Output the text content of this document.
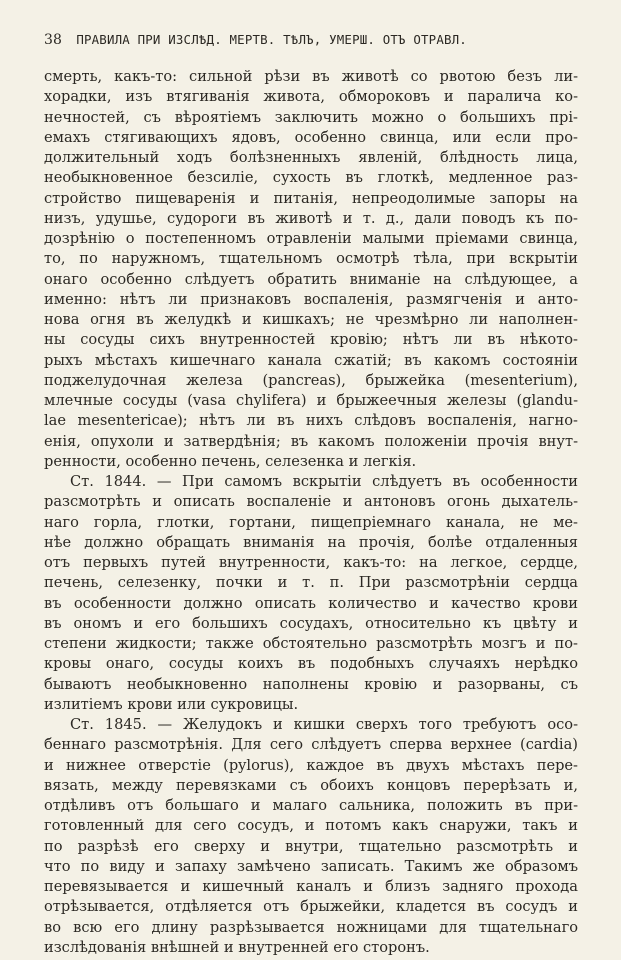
38 ПРАВИЛА ПРИ ИЗСЛѢД. МЕРТВ. ТѢЛЪ, УМЕРШ. ОТЪ ОТРАВЛ.
смерть, какъ-то: сильной рѣзи въ животѣ со рвотою безъ ли-
хорадки, изъ втягиванія живота, обмороковъ и паралича ко-
нечностей, съ вѣроятіемъ заключить можно о большихъ прі-
емахъ стягивающихъ ядовъ, особенно свинца, или если про-
должительный ходъ болѣзненныхъ явленій, блѣдность лица,
необыкновенное безсиліе, сухость въ глоткѣ, медленное раз-
стройство пищеваренія и питанія, непреодолимые запоры на
низъ, удушье, судороги въ животѣ и т. д., дали поводъ къ по-
дозрѣнію о постепенномъ отравленіи малыми пріемами свинца,
то, по наружномъ, тщательномъ осмотрѣ тѣла, при вскрытіи
онаго особенно слѣдуетъ обратить вниманіе на слѣдующее, а
именно: нѣтъ ли признаковъ воспаленія, размягченія и анто-
нова огня въ желудкѣ и кишкахъ; не чрезмѣрно ли наполнен-
ны сосуды сихъ внутренностей кровію; нѣтъ ли въ нѣкото-
рыхъ мѣстахъ кишечнаго канала сжатій; въ какомъ состояніи
поджелудочная железа (pancreas), брыжейка (mesenterium),
млечные сосуды (vasa chylifera) и брыжеечныя железы (glandu-
lae mesentericae); нѣтъ ли въ нихъ слѣдовъ воспаленія, нагно-
енія, опухоли и затвердѣнія; въ какомъ положеніи прочія внут-
ренности, особенно печень, селезенка и легкія.
Ст. 1844. — При самомъ вскрытіи слѣдуетъ въ особенности
разсмотрѣть и описать воспаленіе и антоновъ огонь дыхатель-
наго горла, глотки, гортани, пищепріемнаго канала, не ме-
нѣе должно обращать вниманія на прочія, болѣе отдаленныя
отъ первыхъ путей внутренности, какъ-то: на легкое, сердце,
печень, селезенку, почки и т. п. При разсмотрѣніи сердца
въ особенности должно описать количество и качество крови
въ ономъ и его большихъ сосудахъ, относительно къ цвѣту и
степени жидкости; также обстоятельно разсмотрѣть мозгъ и по-
кровы онаго, сосуды коихъ въ подобныхъ случаяхъ нерѣдко
бываютъ необыкновенно наполнены кровію и разорваны, съ
излитіемъ крови или сукровицы.
Ст. 1845. — Желудокъ и кишки сверхъ того требуютъ осо-
беннаго разсмотрѣнія. Для сего слѣдуетъ сперва верхнее (cardia)
и нижнее отверстіе (pylorus), каждое въ двухъ мѣстахъ пере-
вязать, между перевязками съ обоихъ концовъ перерѣзать и,
отдѣливъ отъ большаго и малаго сальника, положить въ при-
готовленный для сего сосудъ, и потомъ какъ снаружи, такъ и
по разрѣзѣ его сверху и внутри, тщательно разсмотрѣть и
что по виду и запаху замѣчено записать. Такимъ же образомъ
перевязывается и кишечный каналъ и близъ задняго прохода
отрѣзывается, отдѣляется отъ брыжейки, кладется въ сосудъ и
во всю его длину разрѣзывается ножницами для тщательнаго
изслѣдованія внѣшней и внутренней его сторонъ.
